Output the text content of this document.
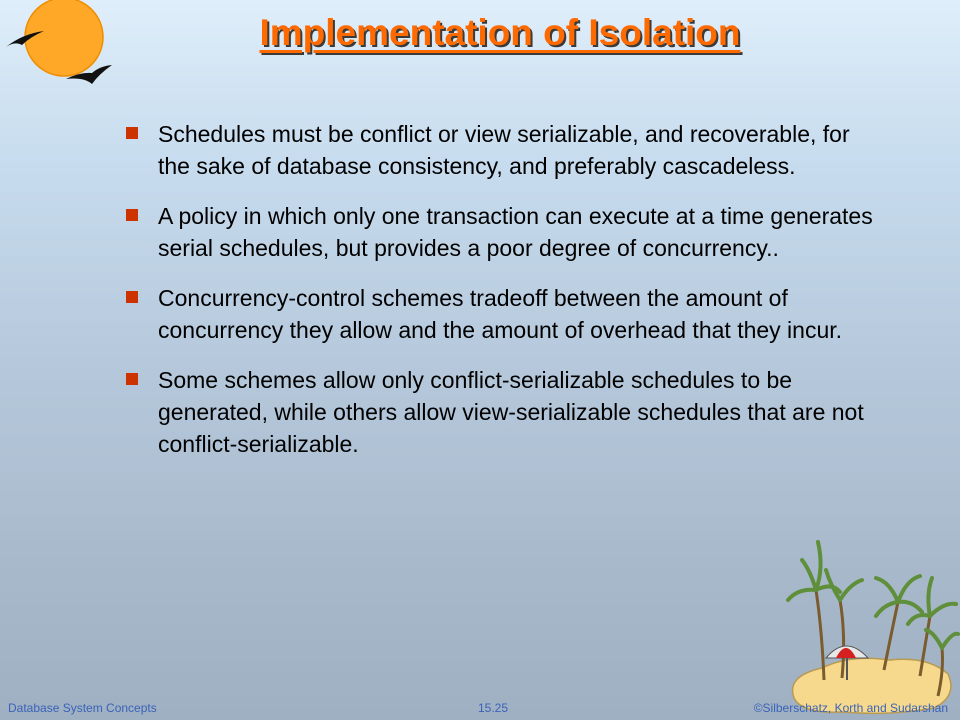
Implementation of Isolation
Schedules must be conflict or view serializable, and recoverable, for the sake of database consistency, and preferably cascadeless.
A policy in which only one transaction can execute at a time generates serial schedules, but provides a poor degree of concurrency..
Concurrency-control schemes tradeoff between the amount of concurrency they allow and the amount of overhead that they incur.
Some schemes allow only conflict-serializable schedules to be generated, while others allow view-serializable schedules that are not conflict-serializable.
Database System Concepts	15.25	©Silberschatz, Korth and Sudarshan
